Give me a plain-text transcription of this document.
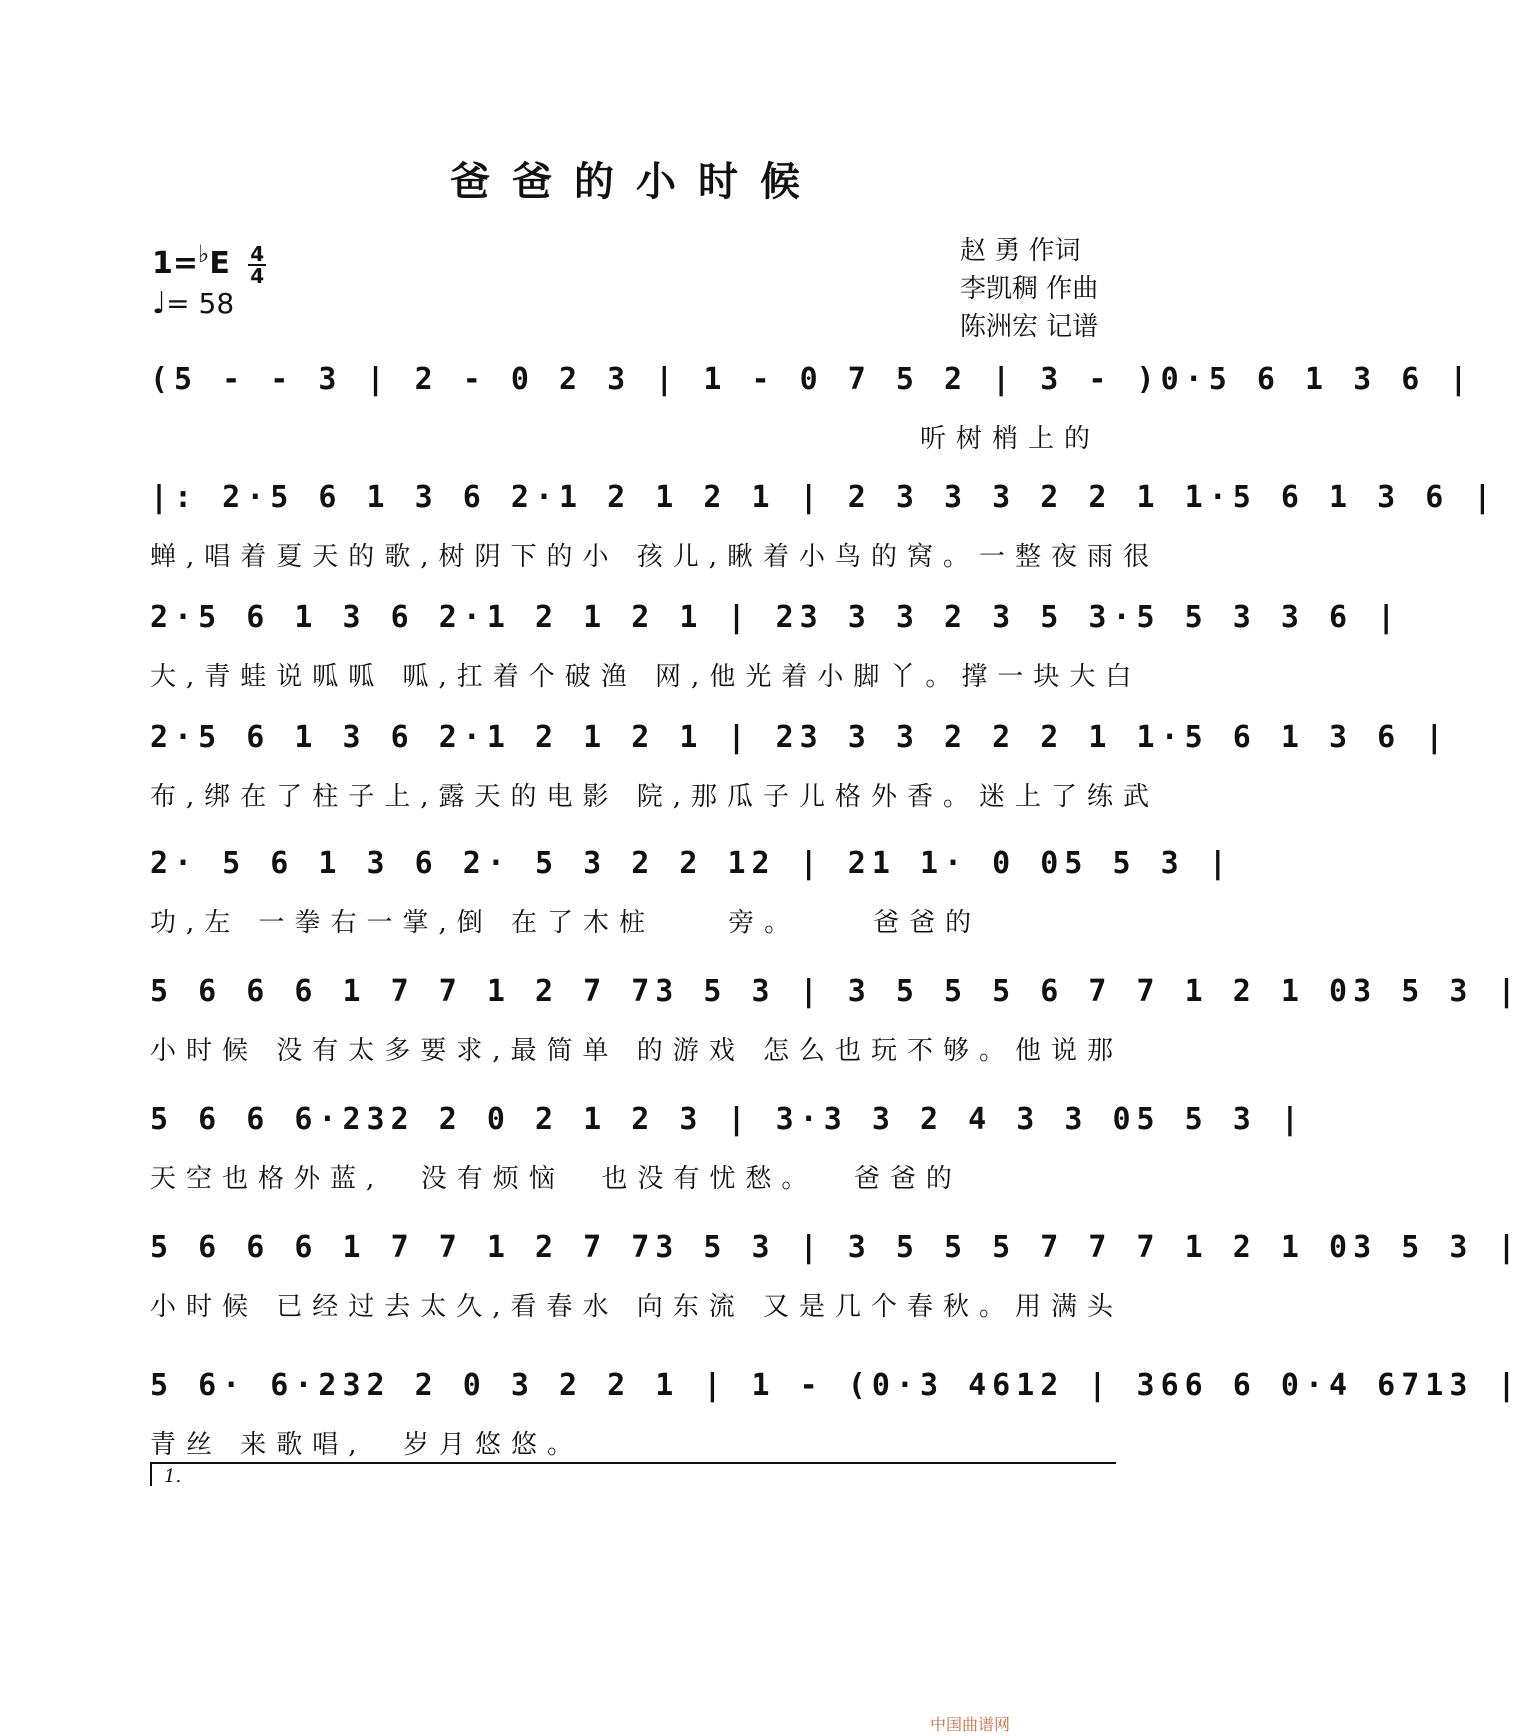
爸爸的小时候
$1=^♭E \frac{4}{4}$
♩= 58
赵 勇 作词
李凯稠 作曲
陈洲宏 记谱
(5 - - 3 | 2 - 0 2 3 | 1 - 0 7 5 2 | 3 - )0·5 6 1 3 6 |
听树梢上的
|: 2·5 6 1 3 6 2·1 2 1 2 1 | 2 3 3 3 2 2 1 1·5 6 1 3 6 |
蝉,唱着夏天的歌,树阴下的小 孩儿,瞅着小鸟的窝。一整夜雨很
2·5 6 1 3 6 2·1 2 1 2 1 | 23 3 3 2 3 5 3·5 5 3 3 6 |
大,青蛙说呱呱 呱,扛着个破渔 网,他光着小脚丫。撑一块大白
2·5 6 1 3 6 2·1 2 1 2 1 | 23 3 3 2 2 2 1 1·5 6 1 3 6 |
布,绑在了柱子上,露天的电影 院,那瓜子儿格外香。迷上了练武
2· 5 6 1 3 6 2· 5 3 2 2 12 | 21 1· 0 05 5 3 |
功,左 一拳右一掌,倒 在了木桩    旁。    爸爸的
5 6 6 6 1 7 7 1 2 7 73 5 3 | 3 5 5 5 6 7 7 1 2 1 03 5 3 |
小时候 没有太多要求,最简单 的游戏 怎么也玩不够。他说那
5 6 6 6·232 2 0 2 1 2 3 | 3·3 3 2 4 3 3 05 5 3 |
天空也格外蓝,  没有烦恼  也没有忧愁。  爸爸的
5 6 6 6 1 7 7 1 2 7 73 5 3 | 3 5 5 5 7 7 7 1 2 1 03 5 3 |
小时候 已经过去太久,看春水 向东流 又是几个春秋。用满头
1.
5 6· 6·232 2 0 3 2 2 1 | 1 - (0·3 4612 | 366 6 0·4 6713 |
青丝 来歌唱,  岁月悠悠。
中国曲谱网
